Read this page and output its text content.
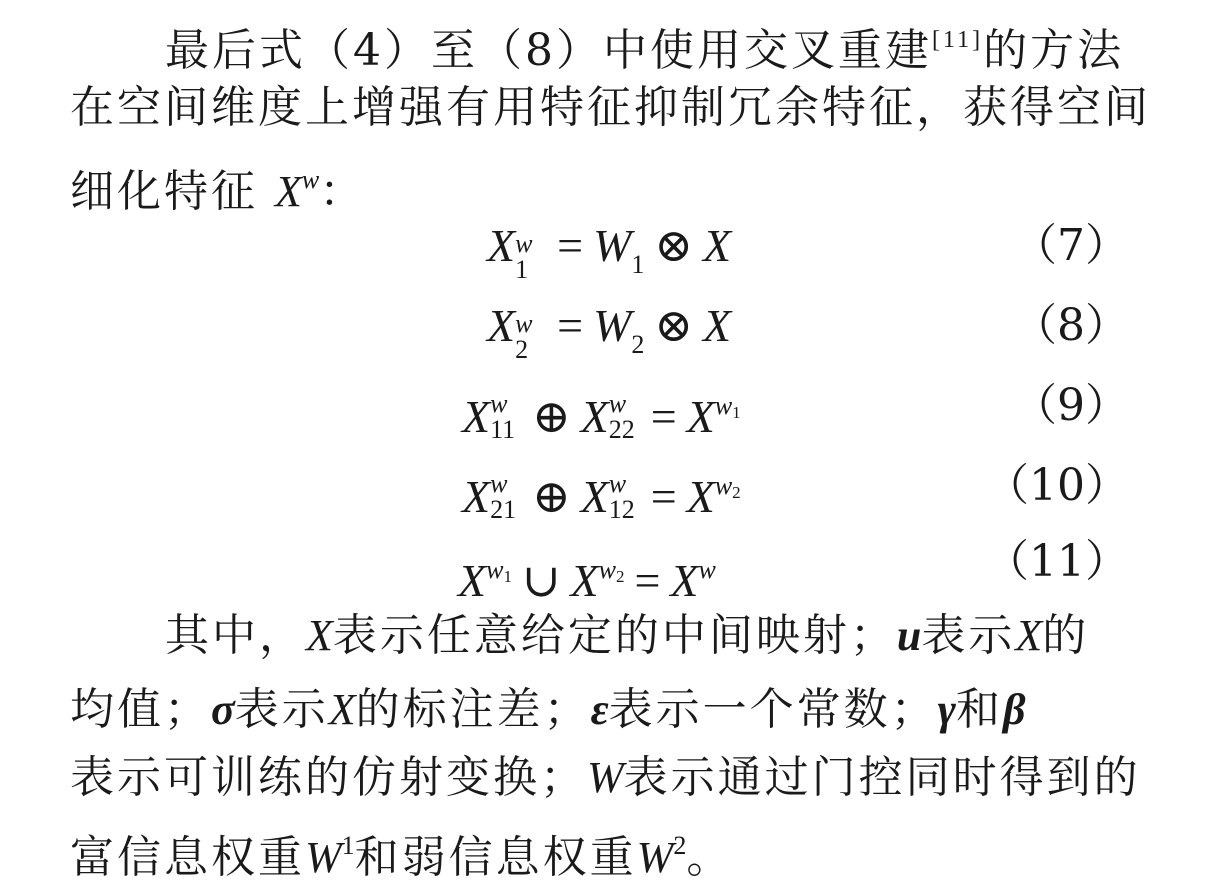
最后式（4）至（8）中使用交叉重建[11]的方法
在空间维度上增强有用特征抑制冗余特征，获得空间
细化特征 $X^w$：
X w
$1 = W_1$ ⊗ X	（7）
X w
$2 = W_2$ ⊗ X	（8）
X w
11 ⊕ X w
$22 = X^{w1}$	（9）
X w
21 ⊕ X w
$12 = X^{w2}$	（10）
$X^{w1}$ ∪ $X^{w2} = X^w$	（11）
其中，X表示任意给定的中间映射；u表示X的
均值；σ表示X的标注差；ε表示一个常数；γ和β
表示可训练的仿射变换；W表示通过门控同时得到的
富信息权重$W^1$和弱信息权重$W^2$。
